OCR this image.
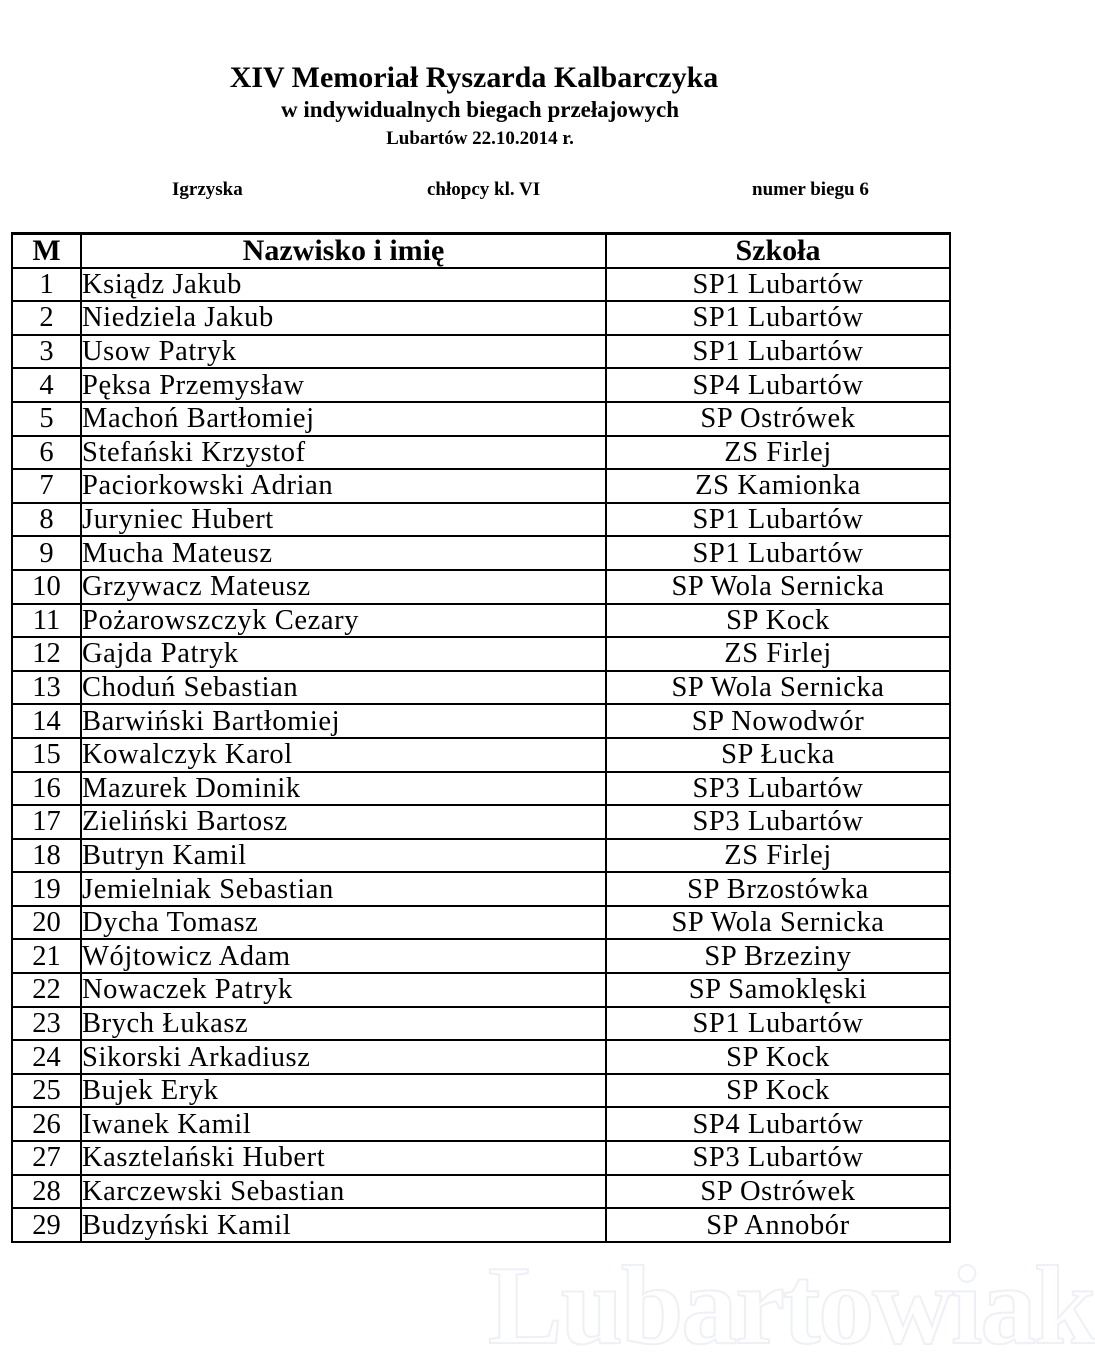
XIV Memoriał Ryszarda Kalbarczyka
w indywidualnych biegach przełajowych
Lubartów 22.10.2014 r.
Igrzyska	chłopcy kl. VI	numer biegu 6
M	Nazwisko i imię	Szkoła
1	Ksiądz Jakub	SP1 Lubartów
2	Niedziela Jakub	SP1 Lubartów
3	Usow Patryk	SP1 Lubartów
4	Pęksa Przemysław	SP4 Lubartów
5	Machoń Bartłomiej	SP Ostrówek
6	Stefański Krzystof	ZS Firlej
7	Paciorkowski Adrian	ZS Kamionka
8	Juryniec Hubert	SP1 Lubartów
9	Mucha Mateusz	SP1 Lubartów
10	Grzywacz Mateusz	SP Wola Sernicka
11	Pożarowszczyk Cezary	SP Kock
12	Gajda Patryk	ZS Firlej
13	Choduń Sebastian	SP Wola Sernicka
14	Barwiński Bartłomiej	SP Nowodwór
15	Kowalczyk Karol	SP Łucka
16	Mazurek Dominik	SP3 Lubartów
17	Zieliński Bartosz	SP3 Lubartów
18	Butryn Kamil	ZS Firlej
19	Jemielniak Sebastian	SP Brzostówka
20	Dycha Tomasz	SP Wola Sernicka
21	Wójtowicz Adam	SP Brzeziny
22	Nowaczek Patryk	SP Samoklęski
23	Brych Łukasz	SP1 Lubartów
24	Sikorski Arkadiusz	SP Kock
25	Bujek Eryk	SP Kock
26	Iwanek Kamil	SP4 Lubartów
27	Kasztelański Hubert	SP3 Lubartów
28	Karczewski Sebastian	SP Ostrówek
29	Budzyński Kamil	SP Annobór
Lubartowiak
